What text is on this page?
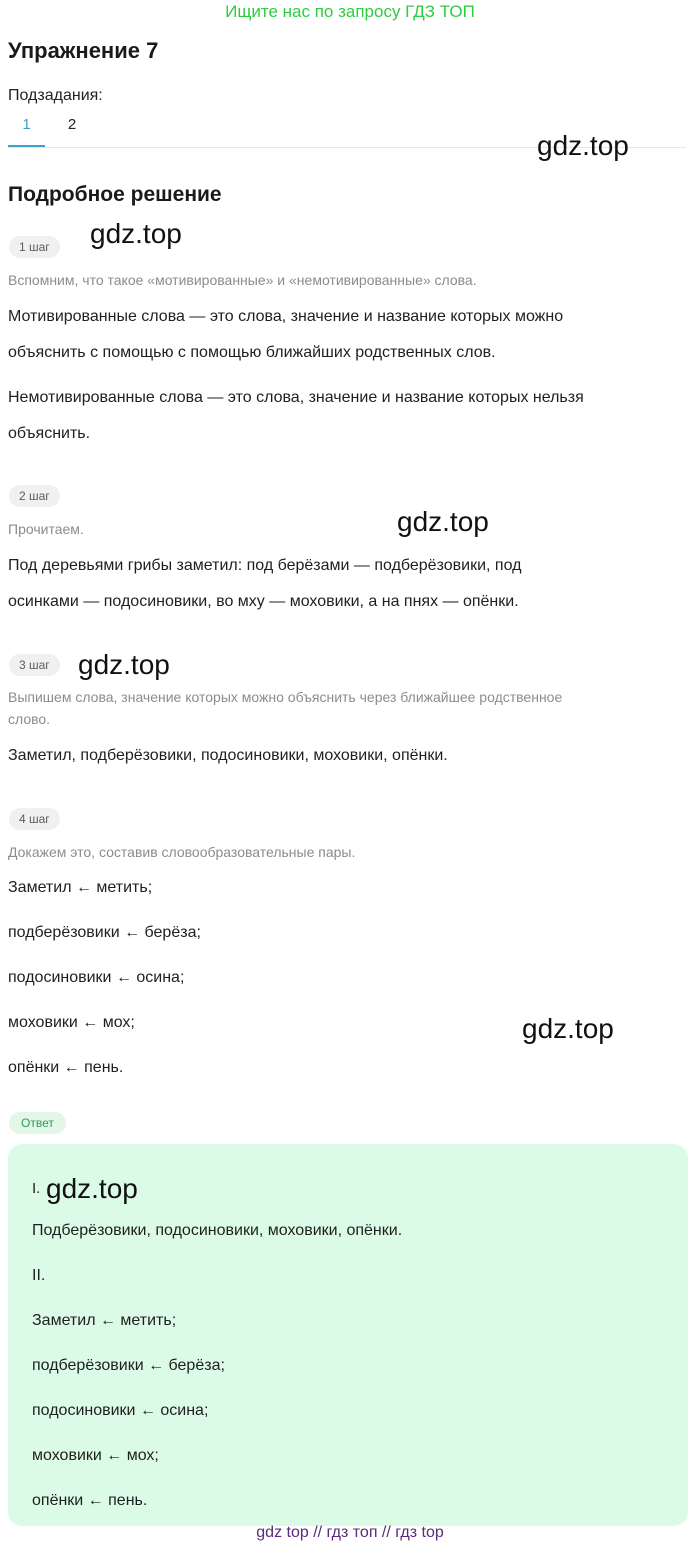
Ищите нас по запросу ГДЗ ТОП
Упражнение 7
Подзадания:
1	2
gdz.top
Подробное решение
1 шаг	gdz.top
Вспомним, что такое «мотивированные» и «немотивированные» слова.
Мотивированные слова — это слова, значение и название которых можно
объяснить с помощью с помощью ближайших родственных слов.
Немотивированные слова — это слова, значение и название которых нельзя
объяснить.
2 шаг
Прочитаем.	gdz.top
Под деревьями грибы заметил: под берёзами — подберёзовики, под
осинками — подосиновики, во мху — моховики, а на пнях — опёнки.
3 шаг	gdz.top
Выпишем слова, значение которых можно объяснить через ближайшее родственное
слово.
Заметил, подберёзовики, подосиновики, моховики, опёнки.
4 шаг
Докажем это, составив словообразовательные пары.
Заметил ← метить;
подберёзовики ← берёза;
подосиновики ← осина;
моховики ← мох;	gdz.top
опёнки ← пень.
Ответ
I. gdz.top
Подберёзовики, подосиновики, моховики, опёнки.
II.
Заметил ← метить;
подберёзовики ← берёза;
подосиновики ← осина;
моховики ← мох;
опёнки ← пень.
gdz top // гдз топ // гдз top
